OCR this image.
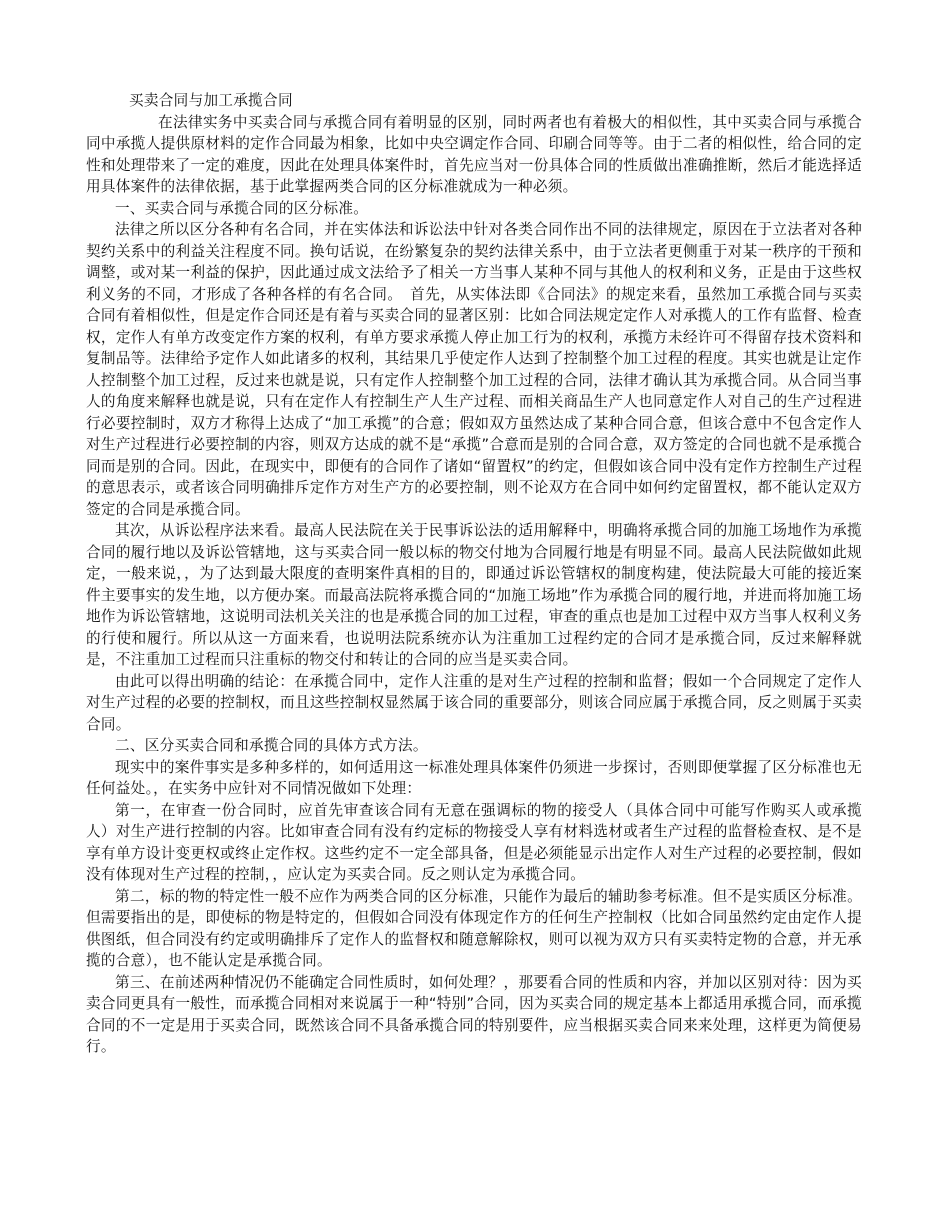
买卖合同与加工承揽合同

在法律实务中买卖合同与承揽合同有着明显的区别，同时两者也有着极大的相似性，其中买卖合同与承揽合同中承揽人提供原材料的定作合同最为相象，比如中央空调定作合同、印刷合同等等。由于二者的相似性，给合同的定性和处理带来了一定的难度，因此在处理具体案件时，首先应当对一份具体合同的性质做出准确推断，然后才能选择适用具体案件的法律依据，基于此掌握两类合同的区分标准就成为一种必须。

一、买卖合同与承揽合同的区分标准。

法律之所以区分各种有名合同，并在实体法和诉讼法中针对各类合同作出不同的法律规定，原因在于立法者对各种契约关系中的利益关注程度不同。换句话说，在纷繁复杂的契约法律关系中，由于立法者更侧重于对某一秩序的干预和调整，或对某一利益的保护，因此通过成文法给予了相关一方当事人某种不同与其他人的权利和义务，正是由于这些权利义务的不同，才形成了各种各样的有名合同。　首先，从实体法即《合同法》的规定来看，虽然加工承揽合同与买卖合同有着相似性，但是定作合同还是有着与买卖合同的显著区别：比如合同法规定定作人对承揽人的工作有监督、检查权，定作人有单方改变定作方案的权利，有单方要求承揽人停止加工行为的权利，承揽方未经许可不得留存技术资料和复制品等。法律给予定作人如此诸多的权利，其结果几乎使定作人达到了控制整个加工过程的程度。其实也就是让定作人控制整个加工过程，反过来也就是说，只有定作人控制整个加工过程的合同，法律才确认其为承揽合同。从合同当事人的角度来解释也就是说，只有在定作人有控制生产人生产过程、而相关商品生产人也同意定作人对自己的生产过程进行必要控制时，双方才称得上达成了“加工承揽”的合意；假如双方虽然达成了某种合同合意，但该合意中不包含定作人对生产过程进行必要控制的内容，则双方达成的就不是“承揽”合意而是别的合同合意，双方签定的合同也就不是承揽合同而是别的合同。因此，在现实中，即便有的合同作了诸如“留置权”的约定，但假如该合同中没有定作方控制生产过程的意思表示，或者该合同明确排斥定作方对生产方的必要控制，则不论双方在合同中如何约定留置权，都不能认定双方签定的合同是承揽合同。

其次，从诉讼程序法来看。最高人民法院在关于民事诉讼法的适用解释中，明确将承揽合同的加施工场地作为承揽合同的履行地以及诉讼管辖地，这与买卖合同一般以标的物交付地为合同履行地是有明显不同。最高人民法院做如此规定，一般来说，，为了达到最大限度的查明案件真相的目的，即通过诉讼管辖权的制度构建，使法院最大可能的接近案件主要事实的发生地，以方便办案。而最高法院将承揽合同的“加施工场地”作为承揽合同的履行地，并进而将加施工场地作为诉讼管辖地，这说明司法机关关注的也是承揽合同的加工过程，审查的重点也是加工过程中双方当事人权利义务的行使和履行。所以从这一方面来看，也说明法院系统亦认为注重加工过程约定的合同才是承揽合同，反过来解释就是，不注重加工过程而只注重标的物交付和转让的合同的应当是买卖合同。

由此可以得出明确的结论：在承揽合同中，定作人注重的是对生产过程的控制和监督；假如一个合同规定了定作人对生产过程的必要的控制权，而且这些控制权显然属于该合同的重要部分，则该合同应属于承揽合同，反之则属于买卖合同。

二、区分买卖合同和承揽合同的具体方式方法。

现实中的案件事实是多种多样的，如何适用这一标准处理具体案件仍须进一步探讨，否则即便掌握了区分标准也无任何益处。，在实务中应针对不同情况做如下处理：

第一，在审查一份合同时，应首先审查该合同有无意在强调标的物的接受人（具体合同中可能写作购买人或承揽人）对生产进行控制的内容。比如审查合同有没有约定标的物接受人享有材料选材或者生产过程的监督检查权、是不是享有单方设计变更权或终止定作权。这些约定不一定全部具备，但是必须能显示出定作人对生产过程的必要控制，假如没有体现对生产过程的控制，，应认定为买卖合同。反之则认定为承揽合同。

第二，标的物的特定性一般不应作为两类合同的区分标准，只能作为最后的辅助参考标准。但不是实质区分标准。但需要指出的是，即使标的物是特定的，但假如合同没有体现定作方的任何生产控制权（比如合同虽然约定由定作人提供图纸，但合同没有约定或明确排斥了定作人的监督权和随意解除权，则可以视为双方只有买卖特定物的合意，并无承揽的合意），也不能认定是承揽合同。

第三、在前述两种情况仍不能确定合同性质时，如何处理？，那要看合同的性质和内容，并加以区别对待：因为买卖合同更具有一般性，而承揽合同相对来说属于一种“特别”合同，因为买卖合同的规定基本上都适用承揽合同，而承揽合同的不一定是用于买卖合同，既然该合同不具备承揽合同的特别要件，应当根据买卖合同来来处理，这样更为简便易行。
